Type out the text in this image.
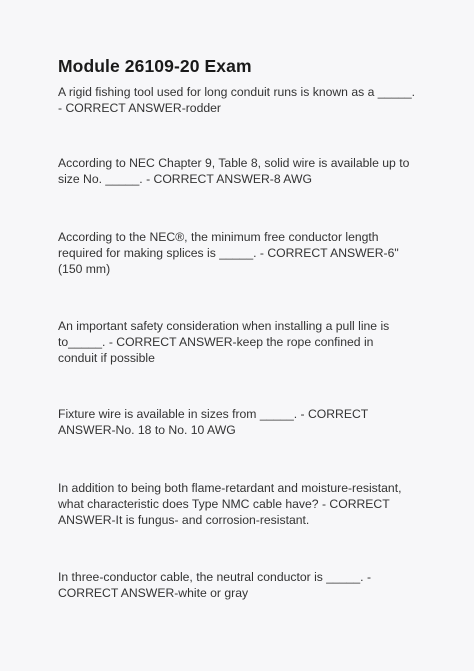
Module 26109-20 Exam

A rigid fishing tool used for long conduit runs is known as a _____. - CORRECT ANSWER-rodder

According to NEC Chapter 9, Table 8, solid wire is available up to size No. _____. - CORRECT ANSWER-8 AWG

According to the NEC®, the minimum free conductor length required for making splices is _____. - CORRECT ANSWER-6" (150 mm)

An important safety consideration when installing a pull line is to_____. - CORRECT ANSWER-keep the rope confined in conduit if possible

Fixture wire is available in sizes from _____. - CORRECT ANSWER-No. 18 to No. 10 AWG

In addition to being both flame-retardant and moisture-resistant, what characteristic does Type NMC cable have? - CORRECT ANSWER-It is fungus- and corrosion-resistant.

In three-conductor cable, the neutral conductor is _____. - CORRECT ANSWER-white or gray
